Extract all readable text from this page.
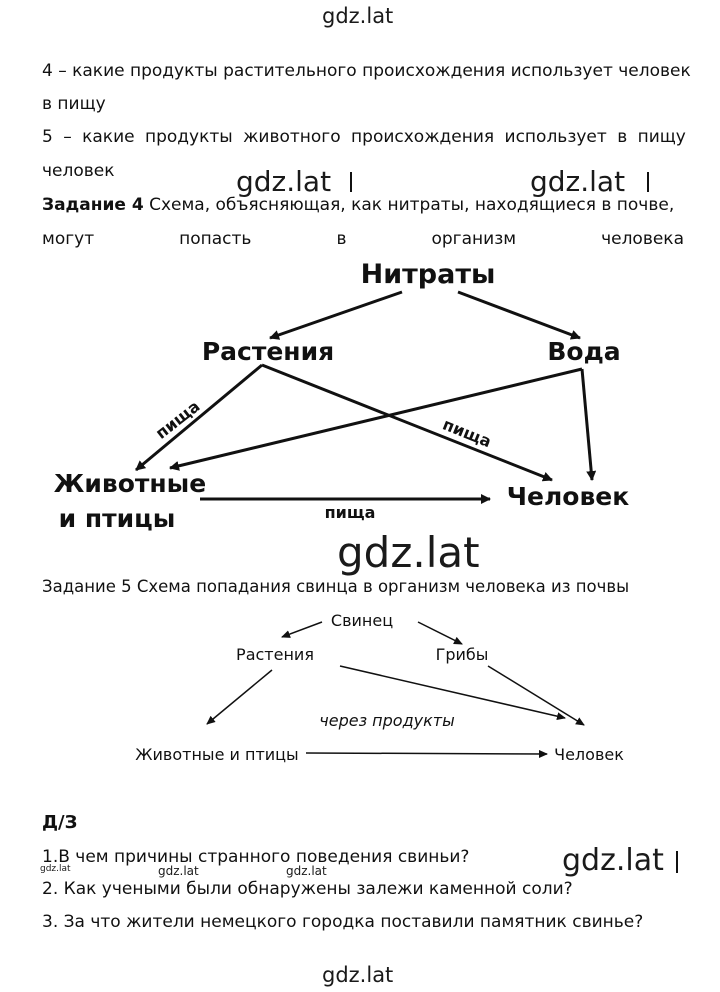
gdz.lat
4 – какие продукты растительного происхождения использует человек
в пищу
5 – какие продукты животного происхождения использует в пищу
человек	gdz.lat	gdz.lat
Задание 4 Схема, объясняющая, как нитраты, находящиеся в почве,
могут	попасть	в	организм	человека
Нитраты
Растения	Вода
Животные
и птицы
Человек
пища	пища
пища
gdz.lat
Задание 5 Схема попадания свинца в организм человека из почвы
Свинец
Растения	Грибы
через продукты
Животные и птицы	Человек
Д/З
gdz.lat
1.В чем причины странного поведения свиньи?
gdz.lat	gdz.lat	gdz.lat
2. Как учеными были обнаружены залежи каменной соли?
3. За что жители немецкого городка поставили памятник свинье?
gdz.lat
